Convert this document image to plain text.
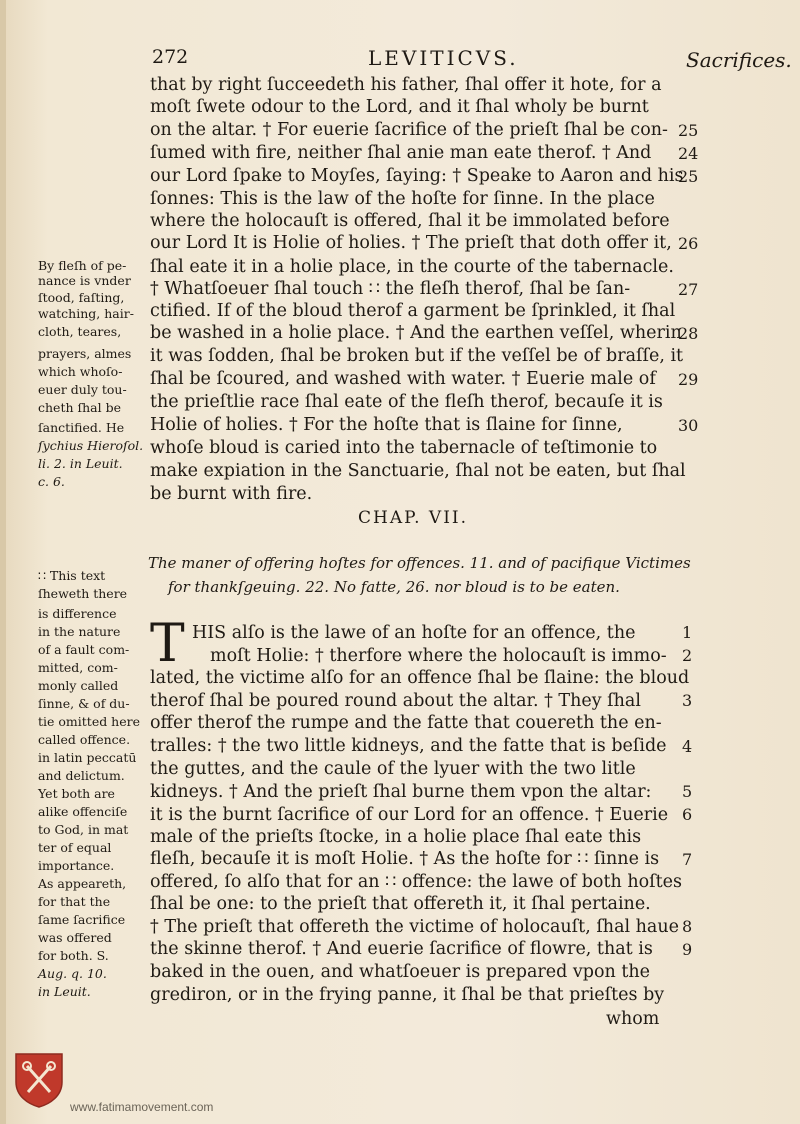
272	LEVITICVS.	Sacrifices.
that by right ſucceedeth his father, ſhal offer it hote, for a
moſt ſwete odour to the Lord, and it ſhal wholy be burnt
on the altar. † For euerie ſacrifice of the prieſt ſhal be con-
ſumed with fire, neither ſhal anie man eate therof. † And
our Lord ſpake to Moyſes, ſaying: † Speake to Aaron and his
ſonnes: This is the law of the hoſte for ſinne. In the place
where the holocauſt is offered, ſhal it be immolated before
our Lord It is Holie of holies. † The prieſt that doth offer it,
ſhal eate it in a holie place, in the courte of the tabernacle.
† Whatſoeuer ſhal touch ∷ the fleſh therof, ſhal be ſan-
ctified. If of the bloud therof a garment be ſprinkled, it ſhal
be washed in a holie place. † And the earthen veſſel, wherin
it was ſodden, ſhal be broken but if the veſſel be of braſſe, it
ſhal be ſcoured, and washed with water. † Euerie male of
the prieſtlie race ſhal eate of the fleſh therof, becauſe it is
Holie of holies. † For the hoſte that is ſlaine for ſinne,
whoſe bloud is caried into the tabernacle of teſtimonie to
make expiation in the Sanctuarie, ſhal not be eaten, but ſhal
be burnt with fire.
25
24
25
26
27
28
29
30
By fleſh of pe-
nance is vnder
ſtood, faſting,
watching, hair-
cloth, teares,
prayers, almes
which whoſo-
euer duly tou-
cheth ſhal be
ſanctified. He
ſychius Hieroſol.
li. 2. in Leuit.
c. 6.
CHAP. VII.
The maner of offering hoſtes for offences. 11. and of pacifique Victimes
for thankſgeuing. 22. No fatte, 26. nor bloud is to be eaten.
T HIS alſo is the lawe of an hoſte for an offence, the
moſt Holie: † therfore where the holocauſt is immo-
lated, the victime alſo for an offence ſhal be ſlaine: the bloud
therof ſhal be poured round about the altar. † They ſhal
offer therof the rumpe and the fatte that couereth the en-
tralles: † the two little kidneys, and the fatte that is beſide
the guttes, and the caule of the lyuer with the two litle
kidneys. † And the prieſt ſhal burne them vpon the altar:
it is the burnt ſacrifice of our Lord for an offence. † Euerie
male of the prieſts ſtocke, in a holie place ſhal eate this
fleſh, becauſe it is moſt Holie. † As the hoſte for ∷ ſinne is
offered, ſo alſo that for an ∷ offence: the lawe of both hoſtes
ſhal be one: to the prieſt that offereth it, it ſhal pertaine.
† The prieſt that offereth the victime of holocauſt, ſhal haue
the skinne therof. † And euerie ſacrifice of flowre, that is
baked in the ouen, and whatſoeuer is prepared vpon the
grediron, or in the frying panne, it ſhal be that prieſtes by
whom
1
2
3
4
5
6
7
8
9
∷ This text
ſheweth there
is difference
in the nature
of a fault com-
mitted, com-
monly called
ſinne, & of du-
tie omitted here
called offence.
in latin peccatū
and delictum.
Yet both are
alike offenciſe
to God, in mat
ter of equal
importance.
As appeareth,
for that the
ſame ſacrifice
was offered
for both. S.
Aug. q. 10.
in Leuit.
www.fatimamovement.com
